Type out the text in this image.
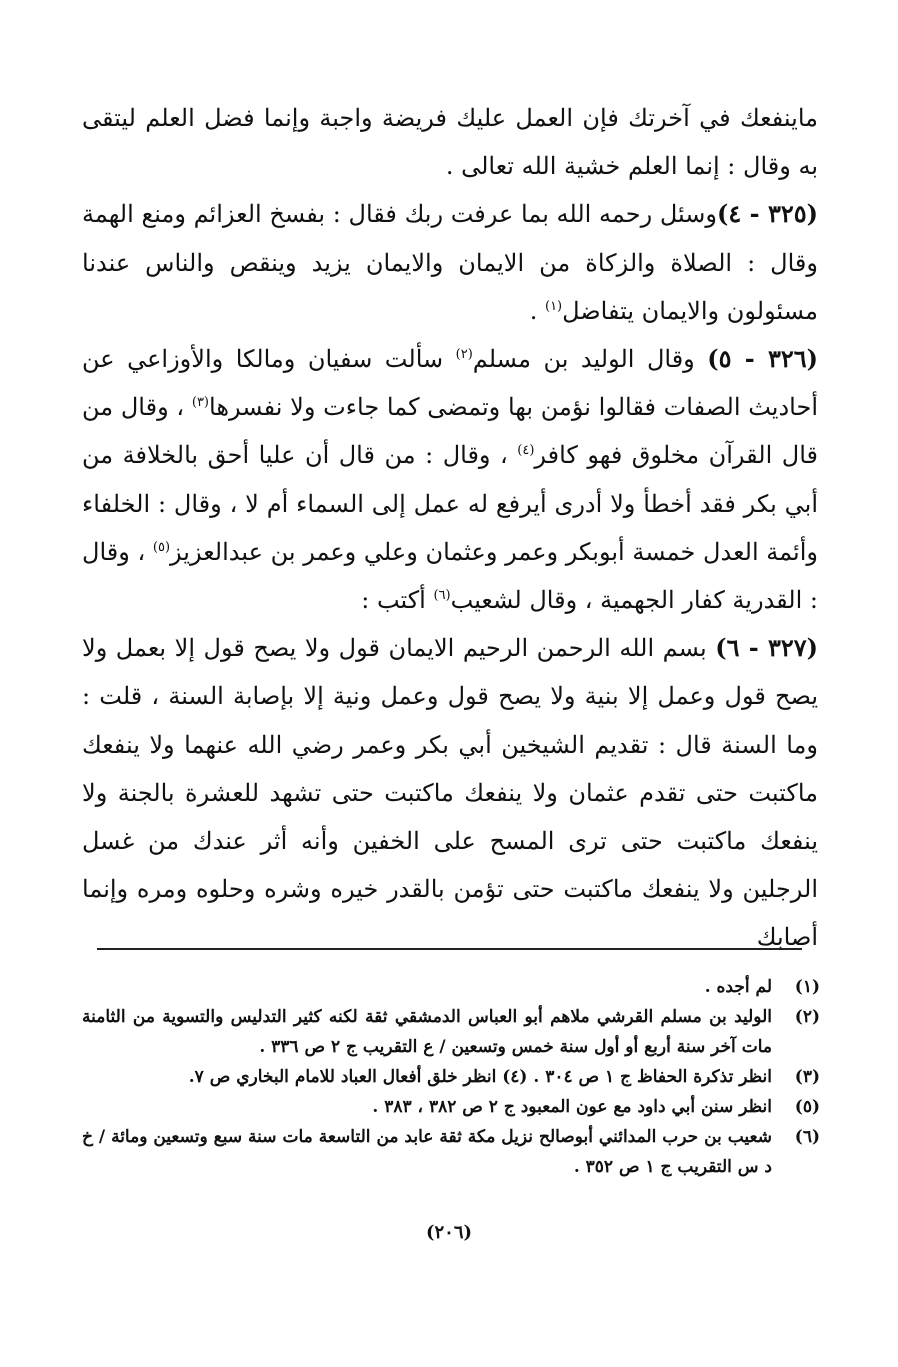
ماينفعك في آخرتك فإن العمل عليك فريضة واجبة وإنما فضل العلم ليتقى به وقال : إنما العلم خشية الله تعالى .

(٣٢٥ - ٤)وسئل رحمه الله بما عرفت ربك فقال : بفسخ العزائم ومنع الهمة وقال : الصلاة والزكاة من الايمان والايمان يزيد وينقص والناس عندنا مسئولون والايمان يتفاضل$^{(١)}$ .

(٣٢٦ - ٥) وقال الوليد بن مسلم$^{(٢)}$ سألت سفيان ومالكا والأوزاعي عن أحاديث الصفات فقالوا نؤمن بها وتمضى كما جاءت ولا نفسرها$^{(٣)}$ ، وقال من قال القرآن مخلوق فهو كافر$^{(٤)}$ ، وقال : من قال أن عليا أحق بالخلافة من أبي بكر فقد أخطأ ولا أدرى أيرفع له عمل إلى السماء أم لا ، وقال : الخلفاء وأئمة العدل خمسة أبوبكر وعمر وعثمان وعلي وعمر بن عبدالعزيز$^{(٥)}$ ، وقال : القدرية كفار الجهمية ، وقال لشعيب$^{(٦)}$ أكتب :

(٣٢٧ - ٦) بسم الله الرحمن الرحيم الايمان قول ولا يصح قول إلا بعمل ولا يصح قول وعمل إلا بنية ولا يصح قول وعمل ونية إلا بإصابة السنة ، قلت : وما السنة قال : تقديم الشيخين أبي بكر وعمر رضي الله عنهما ولا ينفعك ماكتبت حتى تقدم عثمان ولا ينفعك ماكتبت حتى تشهد للعشرة بالجنة ولا ينفعك ماكتبت حتى ترى المسح على الخفين وأنه أثر عندك من غسل الرجلين ولا ينفعك ماكتبت حتى تؤمن بالقدر خيره وشره وحلوه ومره وإنما أصابك

(١)
لم أجده .
(٢)
الوليد بن مسلم القرشي ملاهم أبو العباس الدمشقي ثقة لكنه كثير التدليس والتسوية من الثامنة مات آخر سنة أربع أو أول سنة خمس وتسعين / ع التقريب ج ٢ ص ٣٣٦ .
(٣)
انظر تذكرة الحفاظ ج ١ ص ٣٠٤ . (٤) انظر خلق أفعال العباد للامام البخاري ص ٧.
(٥)
انظر سنن أبي داود مع عون المعبود ج ٢ ص ٣٨٢ ، ٣٨٣ .
(٦)
شعيب بن حرب المدائني أبوصالح نزيل مكة ثقة عابد من التاسعة مات سنة سبع وتسعين ومائة / خ د س التقريب ج ١ ص ٣٥٢ .
(٢٠٦)
